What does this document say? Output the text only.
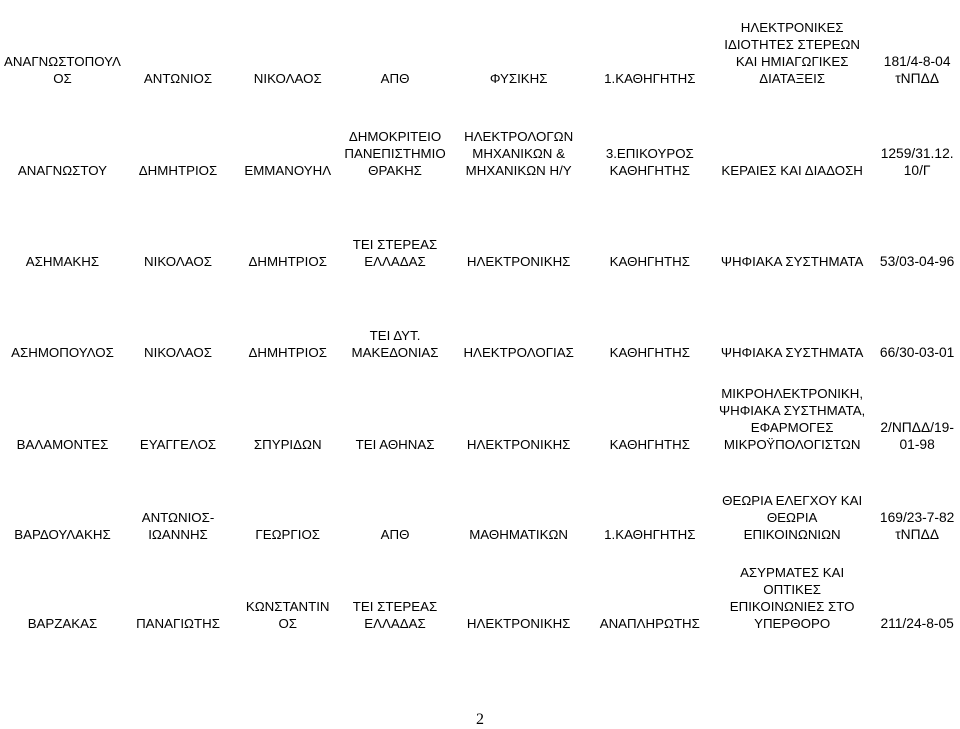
ΑΝΑΓΝΩΣΤΟΠΟΥΛ
ΟΣ	ΑΝΤΩΝΙΟΣ	ΝΙΚΟΛΑΟΣ	ΑΠΘ	ΦΥΣΙΚΗΣ	1.ΚΑΘΗΓΗΤΗΣ	ΗΛΕΚΤΡΟΝΙΚΕΣ
ΙΔΙΟΤΗΤΕΣ ΣΤΕΡΕΩΝ
ΚΑΙ ΗΜΙΑΓΩΓΙΚΕΣ
ΔΙΑΤΑΞΕΙΣ	181/4-8-04
τΝΠΔΔ

ΑΝΑΓΝΩΣΤΟΥ	ΔΗΜΗΤΡΙΟΣ	ΕΜΜΑΝΟΥΗΛ	ΔΗΜΟΚΡΙΤΕΙΟ
ΠΑΝΕΠΙΣΤΗΜΙΟ
ΘΡΑΚΗΣ	ΗΛΕΚΤΡΟΛΟΓΩΝ
ΜΗΧΑΝΙΚΩΝ &
ΜΗΧΑΝΙΚΩΝ Η/Υ	3.ΕΠΙΚΟΥΡΟΣ
ΚΑΘΗΓΗΤΗΣ	ΚΕΡΑΙΕΣ ΚΑΙ ΔΙΑΔΟΣΗ	1259/31.12.
10/Γ

ΑΣΗΜΑΚΗΣ	ΝΙΚΟΛΑΟΣ	ΔΗΜΗΤΡΙΟΣ	ΤΕΙ ΣΤΕΡΕΑΣ
ΕΛΛΑΔΑΣ	ΗΛΕΚΤΡΟΝΙΚΗΣ	ΚΑΘΗΓΗΤΗΣ	ΨΗΦΙΑΚΑ ΣΥΣΤΗΜΑΤΑ	53/03-04-96

ΑΣΗΜΟΠΟΥΛΟΣ	ΝΙΚΟΛΑΟΣ	ΔΗΜΗΤΡΙΟΣ	ΤΕΙ ΔΥΤ.
ΜΑΚΕΔΟΝΙΑΣ	ΗΛΕΚΤΡΟΛΟΓΙΑΣ	ΚΑΘΗΓΗΤΗΣ	ΨΗΦΙΑΚΑ ΣΥΣΤΗΜΑΤΑ	66/30-03-01

ΒΑΛΑΜΟΝΤΕΣ	ΕΥΑΓΓΕΛΟΣ	ΣΠΥΡΙΔΩΝ	ΤΕΙ ΑΘΗΝΑΣ	ΗΛΕΚΤΡΟΝΙΚΗΣ	ΚΑΘΗΓΗΤΗΣ	ΜΙΚΡΟΗΛΕΚΤΡΟΝΙΚΗ,
ΨΗΦΙΑΚΑ ΣΥΣΤΗΜΑΤΑ,
ΕΦΑΡΜΟΓΕΣ
ΜΙΚΡΟΫΠΟΛΟΓΙΣΤΩΝ	2/ΝΠΔΔ/19-
01-98

ΒΑΡΔΟΥΛΑΚΗΣ	ΑΝΤΩΝΙΟΣ-
ΙΩΑΝΝΗΣ	ΓΕΩΡΓΙΟΣ	ΑΠΘ	ΜΑΘΗΜΑΤΙΚΩΝ	1.ΚΑΘΗΓΗΤΗΣ	ΘΕΩΡΙΑ ΕΛΕΓΧΟΥ ΚΑΙ
ΘΕΩΡΙΑ
ΕΠΙΚΟΙΝΩΝΙΩΝ	169/23-7-82
τΝΠΔΔ

ΒΑΡΖΑΚΑΣ	ΠΑΝΑΓΙΩΤΗΣ	ΚΩΝΣΤΑΝΤΙΝ
ΟΣ	ΤΕΙ ΣΤΕΡΕΑΣ
ΕΛΛΑΔΑΣ	ΗΛΕΚΤΡΟΝΙΚΗΣ	ΑΝΑΠΛΗΡΩΤΗΣ	ΑΣΥΡΜΑΤΕΣ ΚΑΙ
ΟΠΤΙΚΕΣ
ΕΠΙΚΟΙΝΩΝΙΕΣ ΣΤΟ
ΥΠΕΡΘΟΡΟ	211/24-8-05
2
